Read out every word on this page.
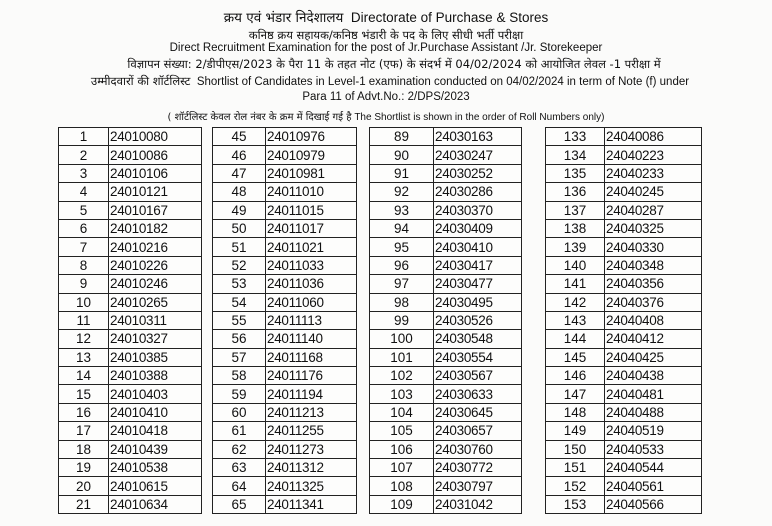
क्रय एवं भंडार निदेशालय Directorate of Purchase & Stores
कनिष्ठ क्रय सहायक/कनिष्ठ भंडारी के पद के लिए सीधी भर्ती परीक्षा
Direct Recruitment Examination for the post of Jr.Purchase Assistant /Jr. Storekeeper
विज्ञापन संख्या: 2/डीपीएस/2023 के पैरा 11 के तहत नोट (एफ) के संदर्भ में 04/02/2024 को आयोजित लेवल -1 परीक्षा में
उम्मीदवारों की शॉर्टलिस्ट Shortlist of Candidates in Level-1 examination conducted on 04/02/2024 in term of Note (f) under
Para 11 of Advt.No.: 2/DPS/2023
( शॉर्टलिस्ट केवल रोल नंबर के क्रम में दिखाई गई है The Shortlist is shown in the order of Roll Numbers only)
1	24010080
2	24010086
3	24010106
4	24010121
5	24010167
6	24010182
7	24010216
8	24010226
9	24010246
10	24010265
11	24010311
12	24010327
13	24010385
14	24010388
15	24010403
16	24010410
17	24010418
18	24010439
19	24010538
20	24010615
21	24010634
45	24010976
46	24010979
47	24010981
48	24011010
49	24011015
50	24011017
51	24011021
52	24011033
53	24011036
54	24011060
55	24011113
56	24011140
57	24011168
58	24011176
59	24011194
60	24011213
61	24011255
62	24011273
63	24011312
64	24011325
65	24011341
89	24030163
90	24030247
91	24030252
92	24030286
93	24030370
94	24030409
95	24030410
96	24030417
97	24030477
98	24030495
99	24030526
100	24030548
101	24030554
102	24030567
103	24030633
104	24030645
105	24030657
106	24030760
107	24030772
108	24030797
109	24031042
133	24040086
134	24040223
135	24040233
136	24040245
137	24040287
138	24040325
139	24040330
140	24040348
141	24040356
142	24040376
143	24040408
144	24040412
145	24040425
146	24040438
147	24040481
148	24040488
149	24040519
150	24040533
151	24040544
152	24040561
153	24040566
